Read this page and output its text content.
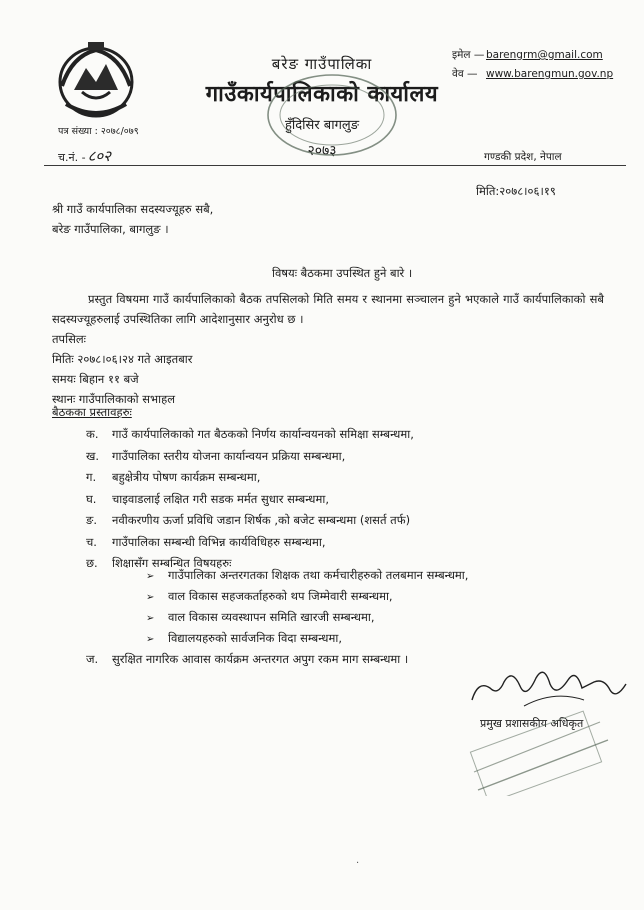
बरेङ गाउँपालिका
गाउँकार्यपालिकाको कार्यालय
हुँदिसिर बागलुङ
२०७३
इमेल — barengrm@gmail.com
वेव — www.barengmun.gov.np
पत्र संख्या : २०७८/०७९
च.नं. - ८०२	गण्डकी प्रदेश, नेपाल
मिति:२०७८।०६।१९
श्री गाउँ कार्यपालिका सदस्यज्यूहरु सबै,
बरेङ गाउँपालिका, बागलुङ ।
विषयः बैठकमा उपस्थित हुने बारे ।
प्रस्तुत विषयमा गाउँ कार्यपालिकाको बैठक तपसिलको मिति समय र स्थानमा सञ्चालन हुने भएकाले गाउँ कार्यपालिकाको सबै सदस्यज्यूहरुलाई उपस्थितिका लागि आदेशानुसार अनुरोध छ ।
तपसिलः
मितिः २०७८।०६।२४ गते आइतबार
समयः बिहान ११ बजे
स्थानः गाउँपालिकाको सभाहल
बैठकका प्रस्तावहरुः
क. गाउँ कार्यपालिकाको गत बैठकको निर्णय कार्यान्वयनको समिक्षा सम्बन्धमा,
ख. गाउँपालिका स्तरीय योजना कार्यान्वयन प्रक्रिया सम्बन्धमा,
ग. बहुक्षेत्रीय पोषण कार्यक्रम सम्बन्धमा,
घ. चाइवाडलाई लक्षित गरी सडक मर्मत सुधार सम्बन्धमा,
ङ. नवीकरणीय ऊर्जा प्रविधि जडान शिर्षक ,को बजेट सम्बन्धमा (शसर्त तर्फ)
च. गाउँपालिका सम्बन्धी विभिन्न कार्यविधिहरु सम्बन्धमा,
छ. शिक्षासँग सम्बन्धित विषयहरुः
➢ गाउँपालिका अन्तरगतका शिक्षक तथा कर्मचारीहरुको तलबमान सम्बन्धमा,
➢ वाल विकास सहजकर्ताहरुको थप जिम्मेवारी सम्बन्धमा,
➢ वाल विकास व्यवस्थापन समिति खारजी सम्बन्धमा,
➢ विद्यालयहरुको सार्वजनिक विदा सम्बन्धमा,
ज. सुरक्षित नागरिक आवास कार्यक्रम अन्तरगत अपुग रकम माग सम्बन्धमा ।
प्रमुख प्रशासकीय अधिकृत
·
